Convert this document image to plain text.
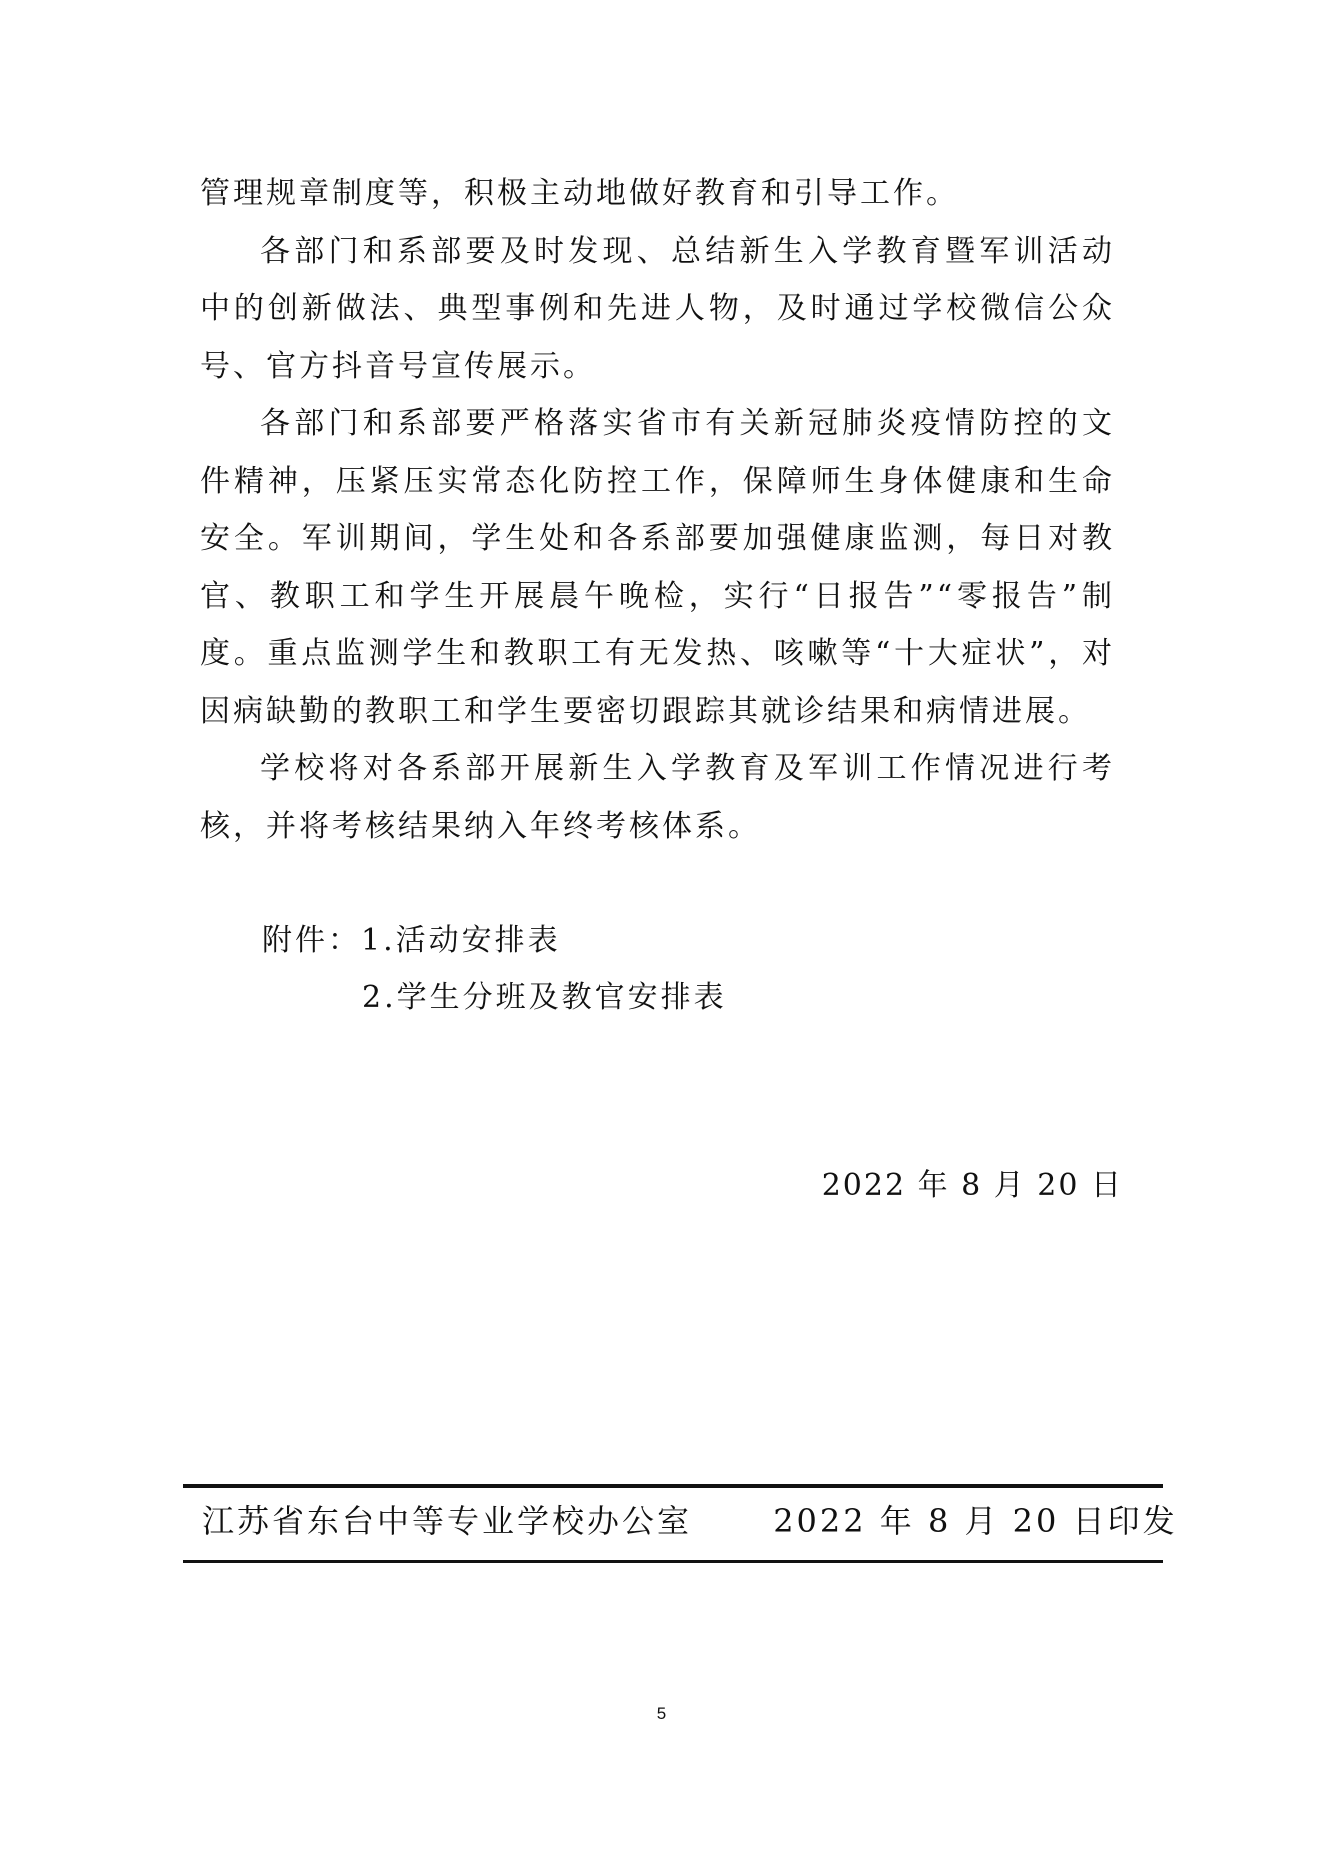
管理规章制度等，积极主动地做好教育和引导工作。

各部门和系部要及时发现、总结新生入学教育暨军训活动中的创新做法、典型事例和先进人物，及时通过学校微信公众号、官方抖音号宣传展示。

各部门和系部要严格落实省市有关新冠肺炎疫情防控的文件精神，压紧压实常态化防控工作，保障师生身体健康和生命安全。军训期间，学生处和各系部要加强健康监测，每日对教官、教职工和学生开展晨午晚检，实行“日报告”“零报告”制度。重点监测学生和教职工有无发热、咳嗽等“十大症状”，对因病缺勤的教职工和学生要密切跟踪其就诊结果和病情进展。

学校将对各系部开展新生入学教育及军训工作情况进行考核，并将考核结果纳入年终考核体系。

附件：1.活动安排表
2.学生分班及教官安排表
2022 年 8 月 20 日
江苏省东台中等专业学校办公室	2022 年 8 月 20 日印发
5
